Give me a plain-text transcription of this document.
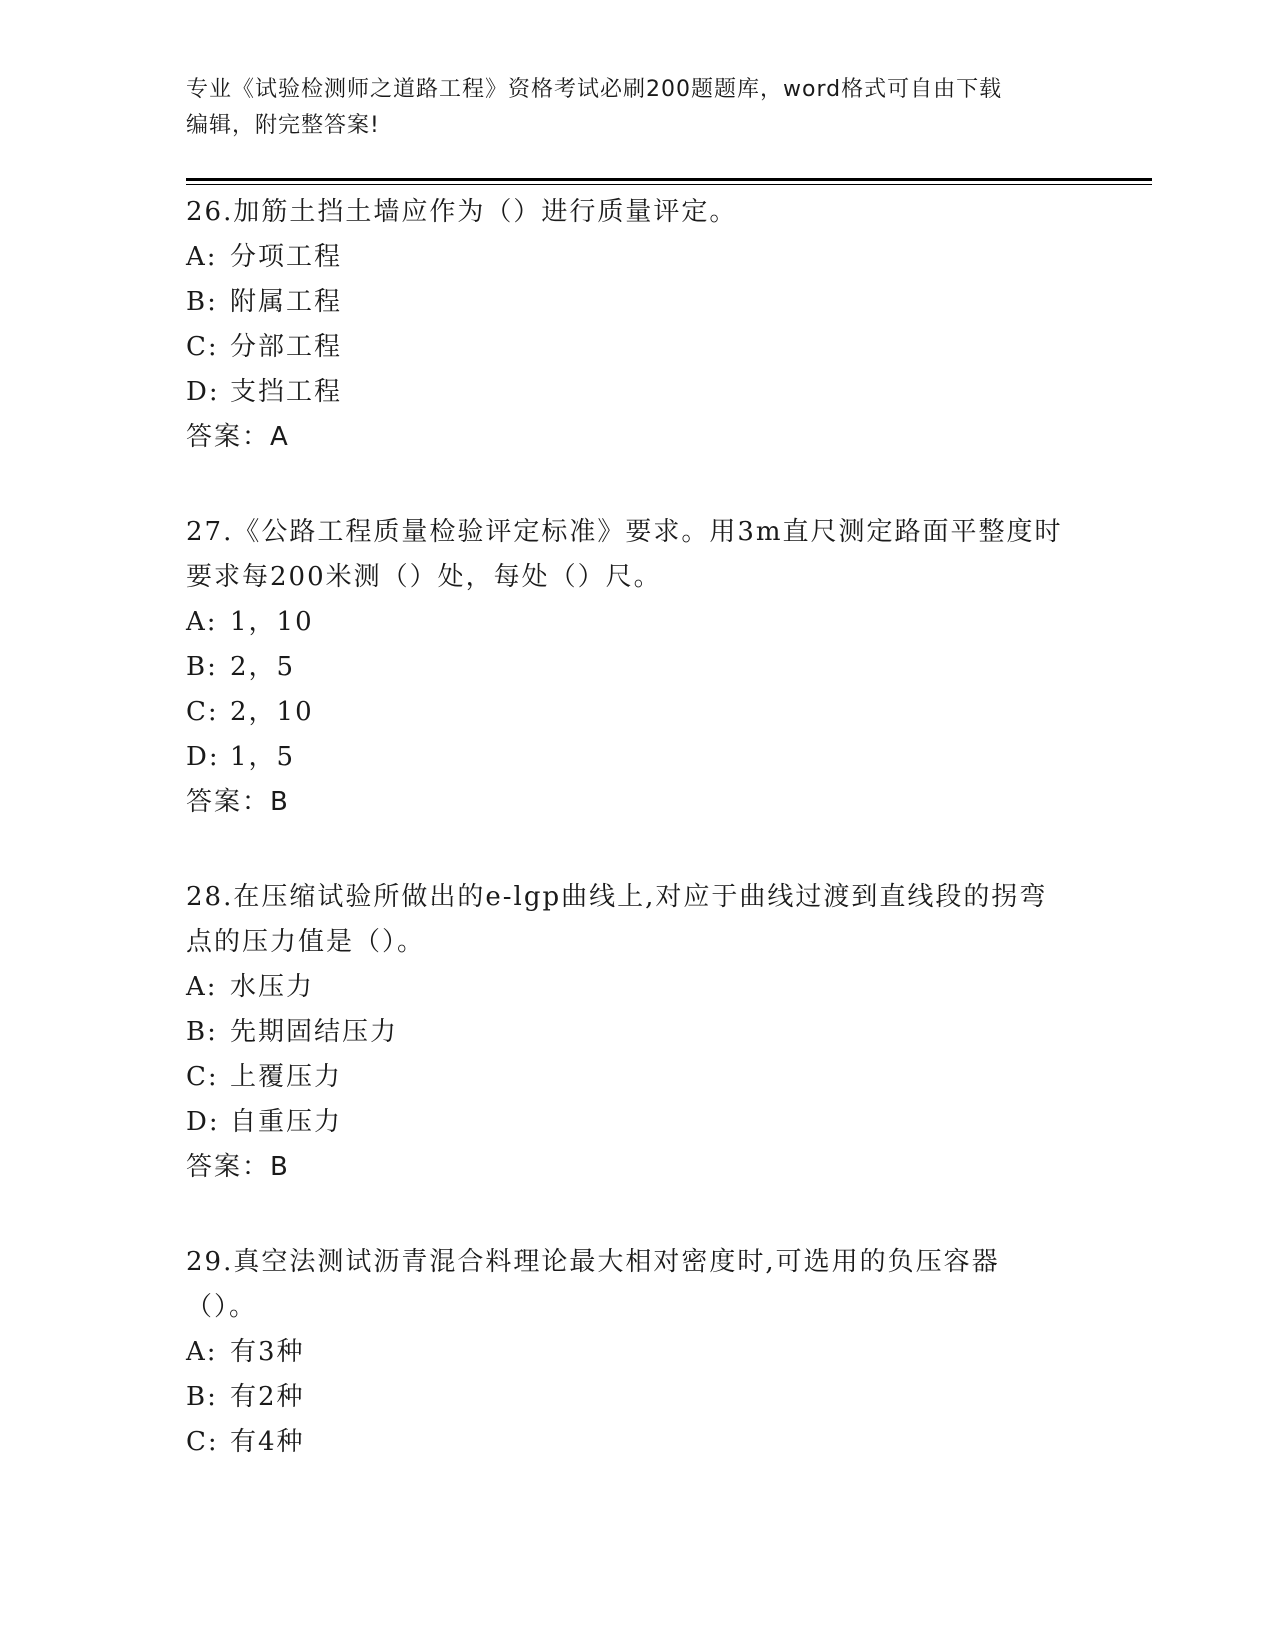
专业《试验检测师之道路工程》资格考试必刷200题题库，word格式可自由下载
编辑，附完整答案!
26.加筋土挡土墙应作为（）进行质量评定。
A: 分项工程
B: 附属工程
C: 分部工程
D: 支挡工程
答案：A
27.《公路工程质量检验评定标准》要求。用3m直尺测定路面平整度时要求每200米测（）处，每处（）尺。
A: 1，10
B: 2，5
C: 2，10
D: 1，5
答案：B
28.在压缩试验所做出的e-lgp曲线上,对应于曲线过渡到直线段的拐弯点的压力值是（）。
A: 水压力
B: 先期固结压力
C: 上覆压力
D: 自重压力
答案：B
29.真空法测试沥青混合料理论最大相对密度时,可选用的负压容器（）。
A: 有3种
B: 有2种
C: 有4种
